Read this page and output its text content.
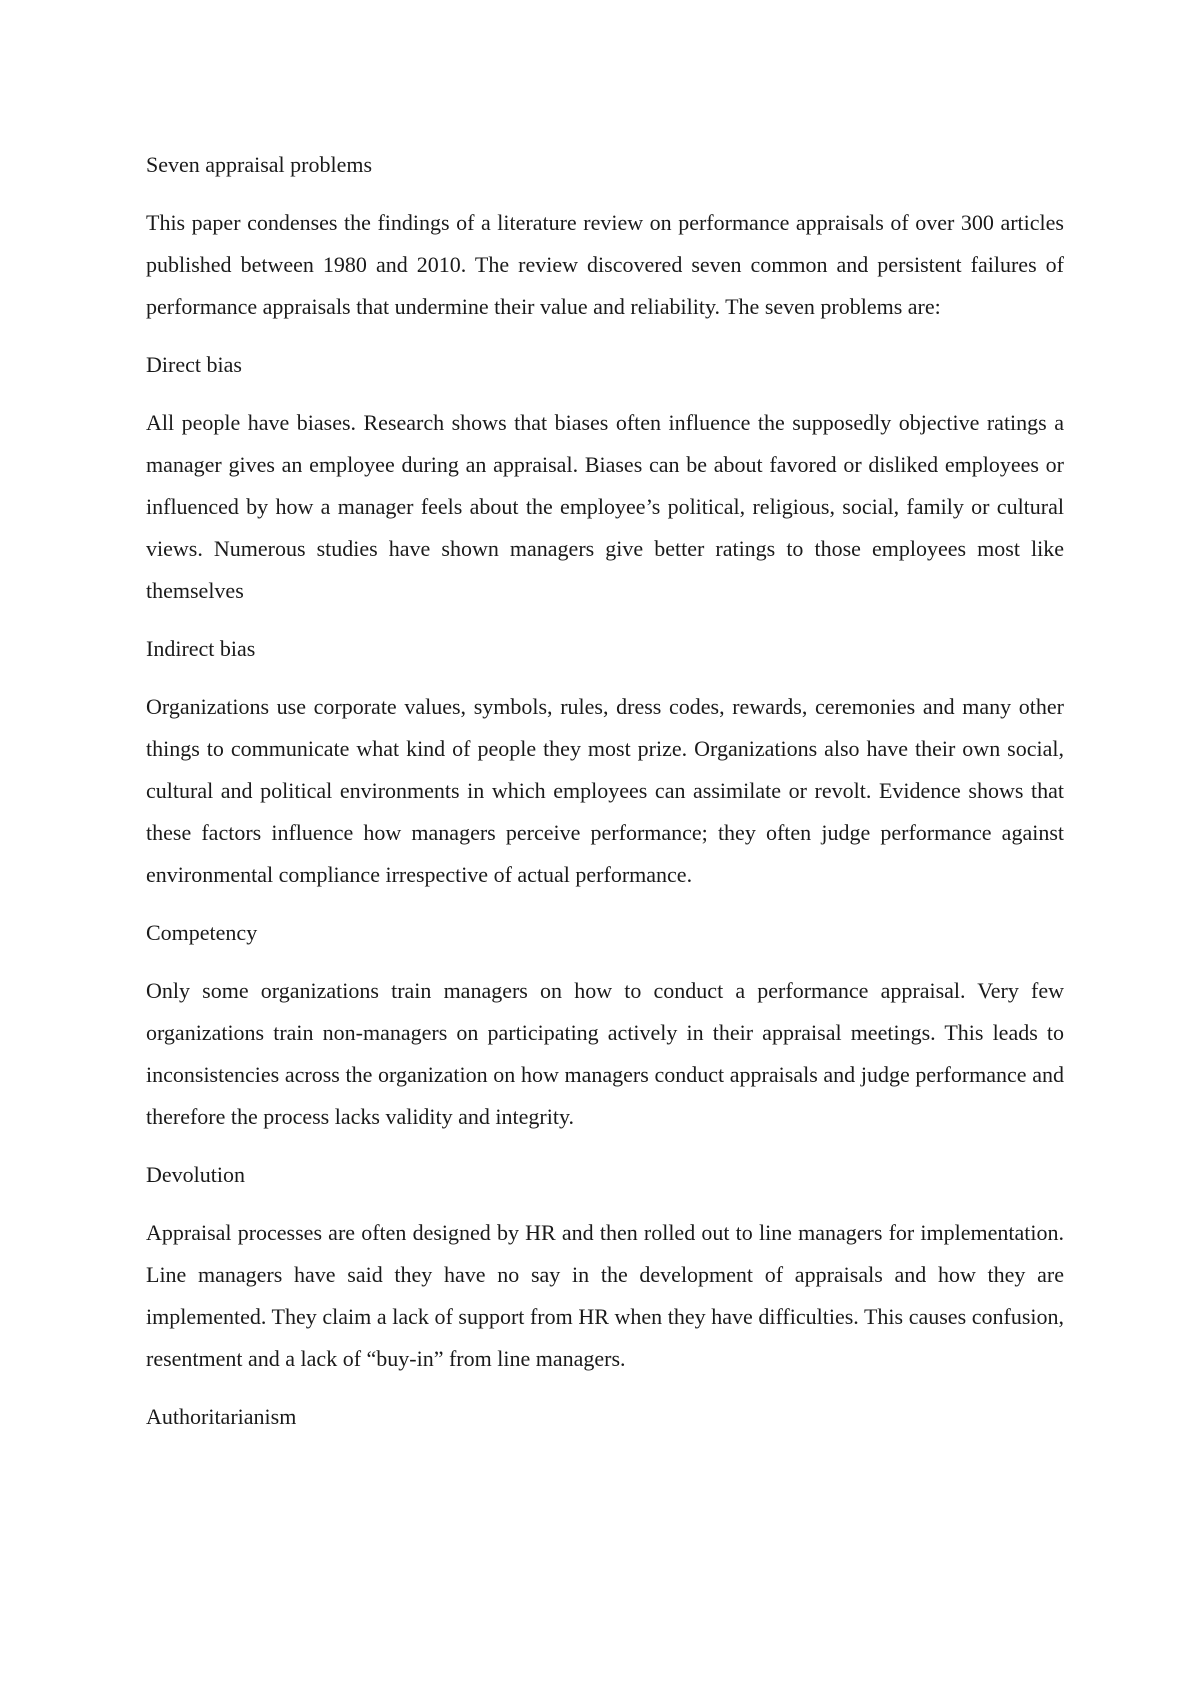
Seven appraisal problems

This paper condenses the findings of a literature review on performance appraisals of over 300 articles published between 1980 and 2010. The review discovered seven common and persistent failures of performance appraisals that undermine their value and reliability. The seven problems are:

Direct bias

All people have biases. Research shows that biases often influence the supposedly objective ratings a manager gives an employee during an appraisal. Biases can be about favored or disliked employees or influenced by how a manager feels about the employee’s political, religious, social, family or cultural views. Numerous studies have shown managers give better ratings to those employees most like themselves

Indirect bias

Organizations use corporate values, symbols, rules, dress codes, rewards, ceremonies and many other things to communicate what kind of people they most prize. Organizations also have their own social, cultural and political environments in which employees can assimilate or revolt. Evidence shows that these factors influence how managers perceive performance; they often judge performance against environmental compliance irrespective of actual performance.

Competency

Only some organizations train managers on how to conduct a performance appraisal. Very few organizations train non-managers on participating actively in their appraisal meetings. This leads to inconsistencies across the organization on how managers conduct appraisals and judge performance and therefore the process lacks validity and integrity.

Devolution

Appraisal processes are often designed by HR and then rolled out to line managers for implementation. Line managers have said they have no say in the development of appraisals and how they are implemented. They claim a lack of support from HR when they have difficulties. This causes confusion, resentment and a lack of “buy-in” from line managers.

Authoritarianism
